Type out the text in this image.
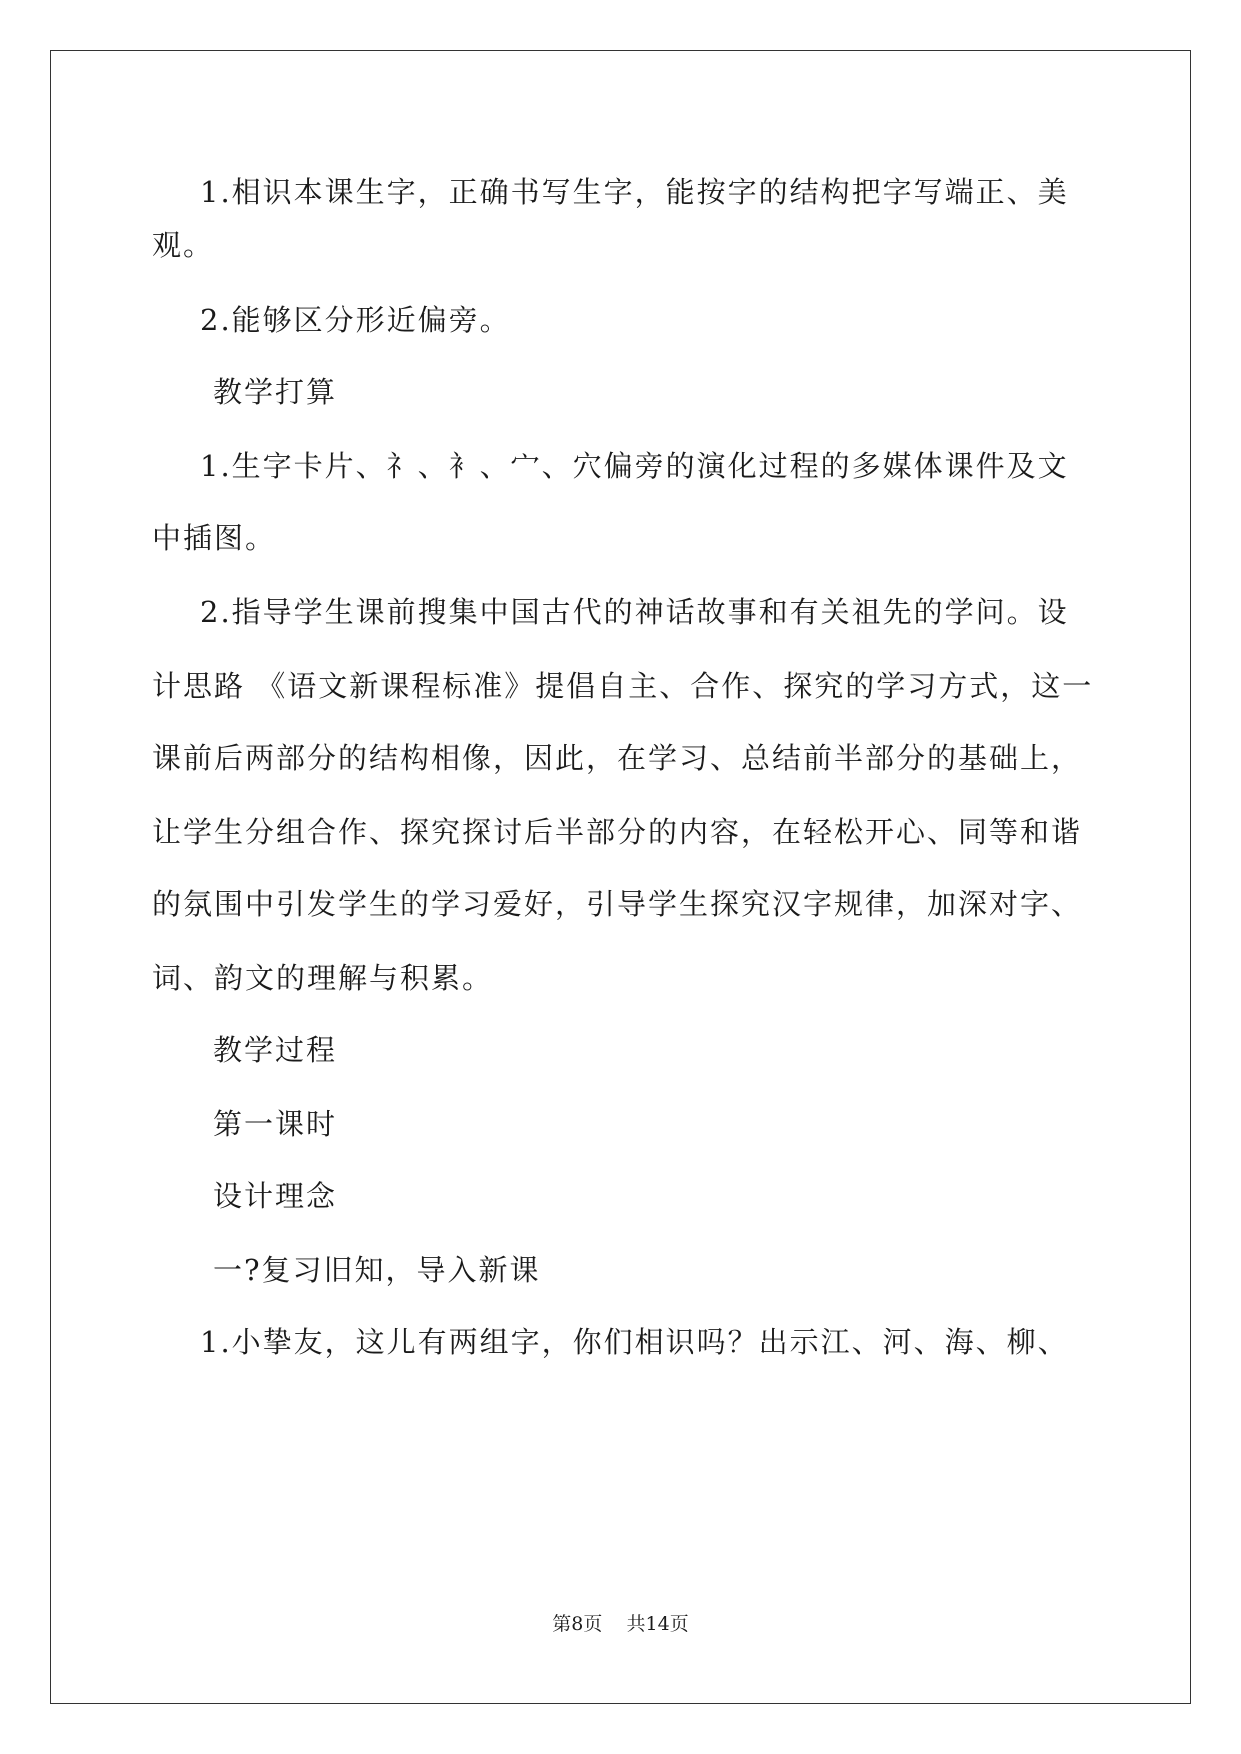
1.相识本课生字，正确书写生字，能按字的结构把字写端正、美
观。
2.能够区分形近偏旁。
教学打算
1.生字卡片、礻、衤、宀、穴偏旁的演化过程的多媒体课件及文
中插图。
2.指导学生课前搜集中国古代的神话故事和有关祖先的学问。设
计思路 《语文新课程标准》提倡自主、合作、探究的学习方式，这一
课前后两部分的结构相像，因此，在学习、总结前半部分的基础上，
让学生分组合作、探究探讨后半部分的内容，在轻松开心、同等和谐
的氛围中引发学生的学习爱好，引导学生探究汉字规律，加深对字、
词、韵文的理解与积累。
教学过程
第一课时
设计理念
一?复习旧知，导入新课
1.小挚友，这儿有两组字，你们相识吗？出示江、河、海、柳、
第8页    共14页
